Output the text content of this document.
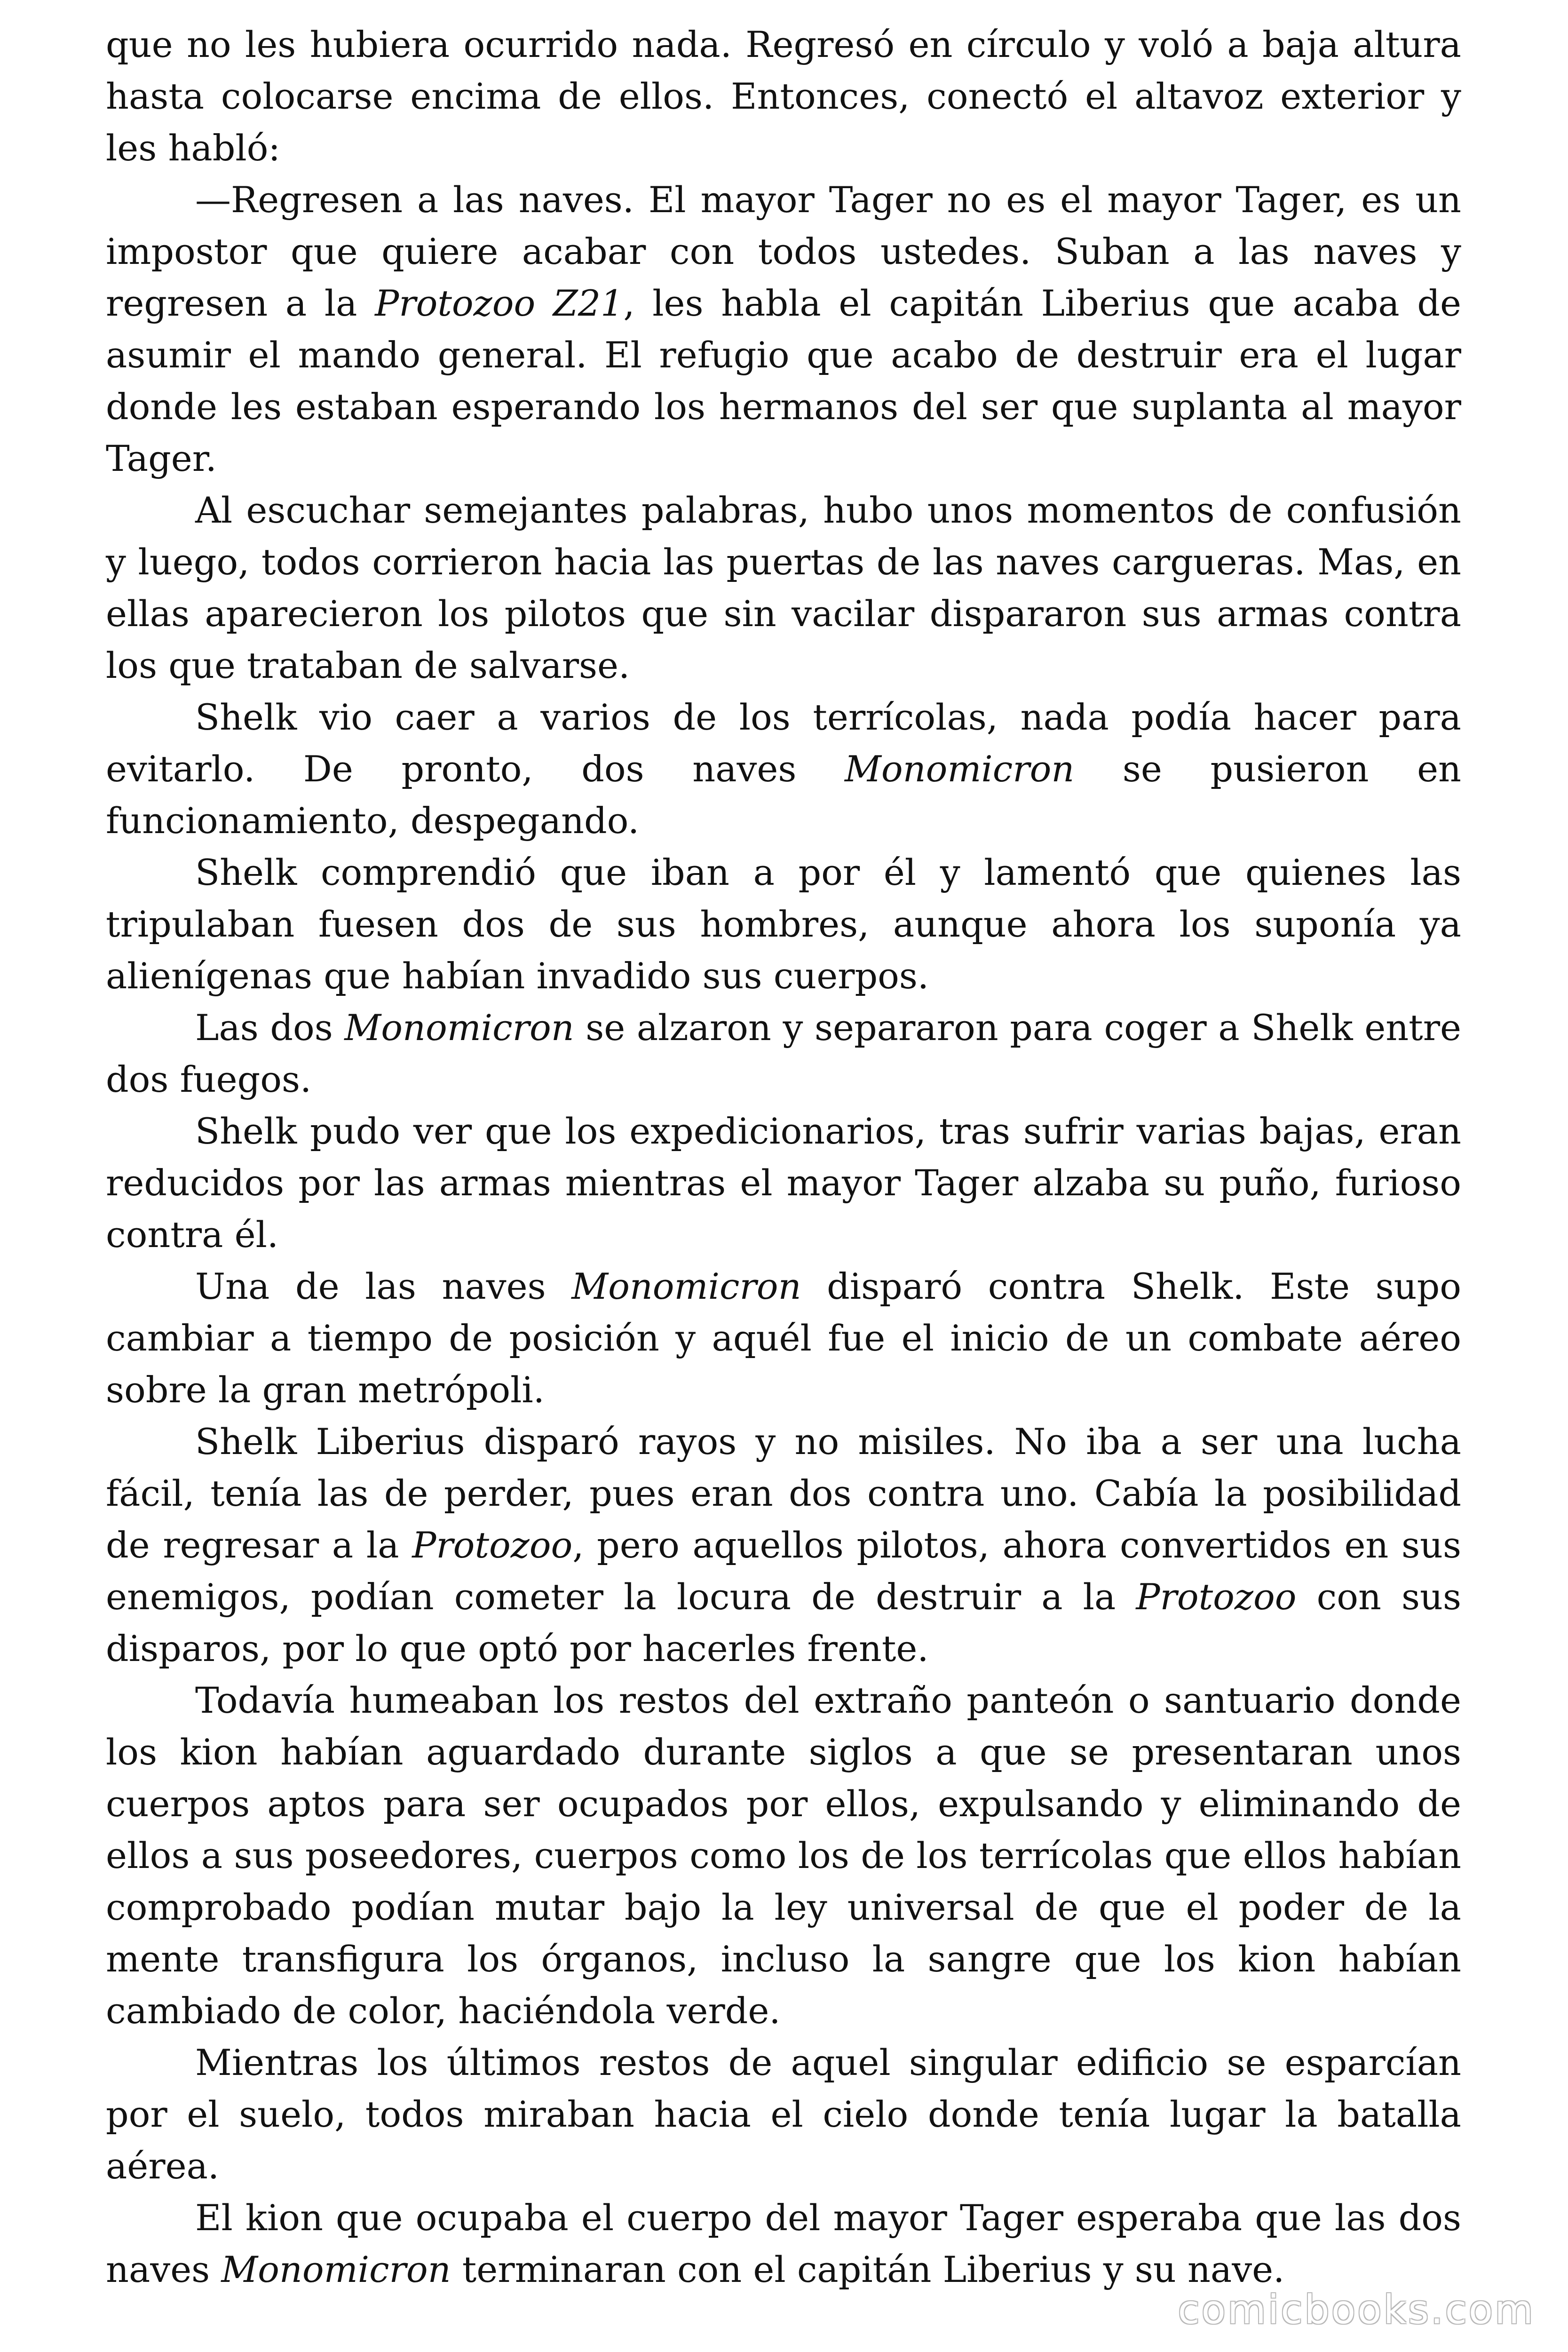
que no les hubiera ocurrido nada. Regresó en círculo y voló a baja altura hasta colocarse encima de ellos. Entonces, conectó el altavoz exterior y les habló:

—Regresen a las naves. El mayor Tager no es el mayor Tager, es un impostor que quiere acabar con todos ustedes. Suban a las naves y regresen a la Protozoo Z21, les habla el capitán Liberius que acaba de asumir el mando general. El refugio que acabo de destruir era el lugar donde les estaban esperando los hermanos del ser que suplanta al mayor Tager.

Al escuchar semejantes palabras, hubo unos momentos de confusión y luego, todos corrieron hacia las puertas de las naves cargueras. Mas, en ellas aparecieron los pilotos que sin vacilar dispararon sus armas contra los que trataban de salvarse.

Shelk vio caer a varios de los terrícolas, nada podía hacer para evitarlo. De pronto, dos naves Monomicron se pusieron en funcionamiento, despegando.

Shelk comprendió que iban a por él y lamentó que quienes las tripulaban fuesen dos de sus hombres, aunque ahora los suponía ya alienígenas que habían invadido sus cuerpos.

Las dos Monomicron se alzaron y separaron para coger a Shelk entre dos fuegos.

Shelk pudo ver que los expedicionarios, tras sufrir varias bajas, eran reducidos por las armas mientras el mayor Tager alzaba su puño, furioso contra él.

Una de las naves Monomicron disparó contra Shelk. Este supo cambiar a tiempo de posición y aquél fue el inicio de un combate aéreo sobre la gran metrópoli.

Shelk Liberius disparó rayos y no misiles. No iba a ser una lucha fácil, tenía las de perder, pues eran dos contra uno. Cabía la posibilidad de regresar a la Protozoo, pero aquellos pilotos, ahora convertidos en sus enemigos, podían cometer la locura de destruir a la Protozoo con sus disparos, por lo que optó por hacerles frente.

Todavía humeaban los restos del extraño panteón o santuario donde los kion habían aguardado durante siglos a que se presentaran unos cuerpos aptos para ser ocupados por ellos, expulsando y eliminando de ellos a sus poseedores, cuerpos como los de los terrícolas que ellos habían comprobado podían mutar bajo la ley universal de que el poder de la mente transfigura los órganos, incluso la sangre que los kion habían cambiado de color, haciéndola verde.

Mientras los últimos restos de aquel singular edificio se esparcían por el suelo, todos miraban hacia el cielo donde tenía lugar la batalla aérea.

El kion que ocupaba el cuerpo del mayor Tager esperaba que las dos naves Monomicron terminaran con el capitán Liberius y su nave.

comicbooks.com
